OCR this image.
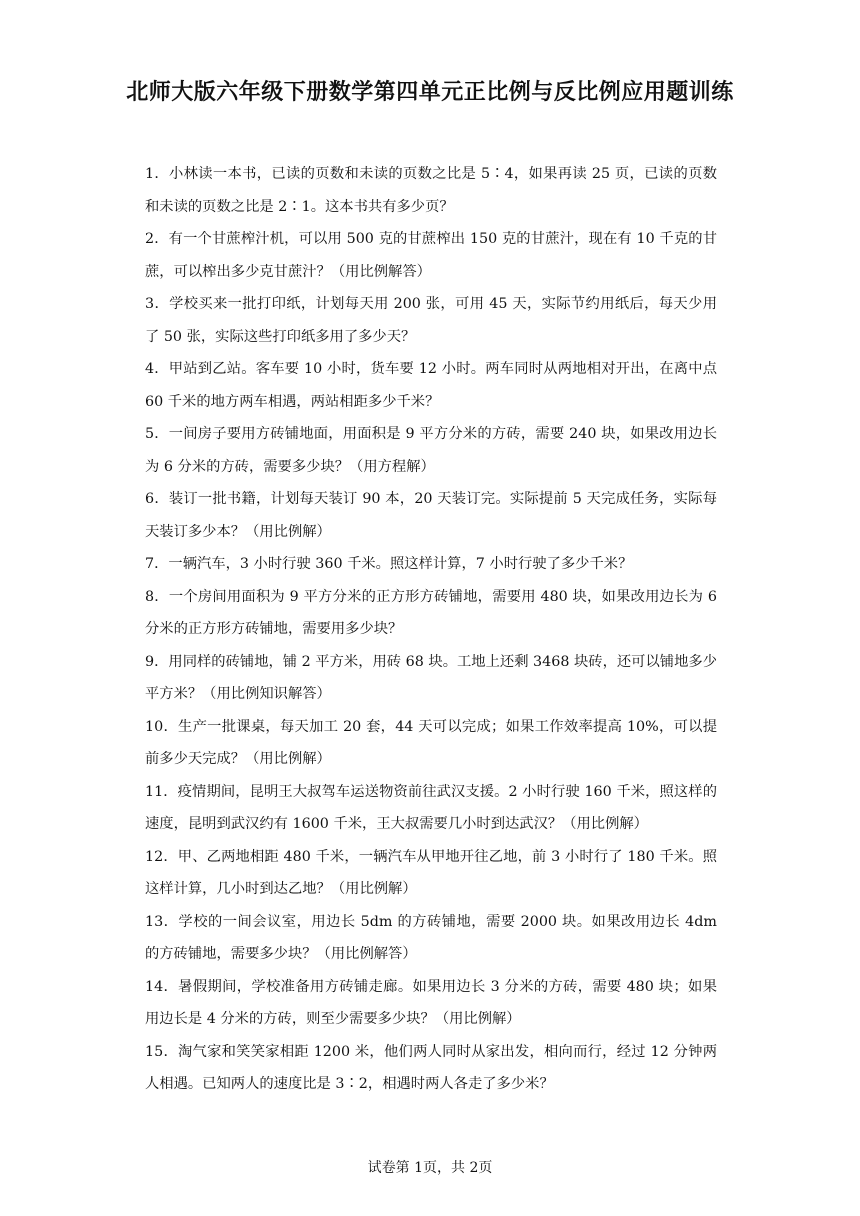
北师大版六年级下册数学第四单元正比例与反比例应用题训练
1．小林读一本书，已读的页数和未读的页数之比是 5∶4，如果再读 25 页，已读的页数和未读的页数之比是 2∶1。这本书共有多少页？
2．有一个甘蔗榨汁机，可以用 500 克的甘蔗榨出 150 克的甘蔗汁，现在有 10 千克的甘蔗，可以榨出多少克甘蔗汁？（用比例解答）
3．学校买来一批打印纸，计划每天用 200 张，可用 45 天，实际节约用纸后，每天少用了 50 张，实际这些打印纸多用了多少天？
4．甲站到乙站。客车要 10 小时，货车要 12 小时。两车同时从两地相对开出，在离中点 60 千米的地方两车相遇，两站相距多少千米？
5．一间房子要用方砖铺地面，用面积是 9 平方分米的方砖，需要 240 块，如果改用边长为 6 分米的方砖，需要多少块？（用方程解）
6．装订一批书籍，计划每天装订 90 本，20 天装订完。实际提前 5 天完成任务，实际每天装订多少本？（用比例解）
7．一辆汽车，3 小时行驶 360 千米。照这样计算，7 小时行驶了多少千米？
8．一个房间用面积为 9 平方分米的正方形方砖铺地，需要用 480 块，如果改用边长为 6 分米的正方形方砖铺地，需要用多少块？
9．用同样的砖铺地，铺 2 平方米，用砖 68 块。工地上还剩 3468 块砖，还可以铺地多少平方米？（用比例知识解答）
10．生产一批课桌，每天加工 20 套，44 天可以完成；如果工作效率提高 10%，可以提前多少天完成？（用比例解）
11．疫情期间，昆明王大叔驾车运送物资前往武汉支援。2 小时行驶 160 千米，照这样的速度，昆明到武汉约有 1600 千米，王大叔需要几小时到达武汉？（用比例解）
12．甲、乙两地相距 480 千米，一辆汽车从甲地开往乙地，前 3 小时行了 180 千米。照这样计算，几小时到达乙地？（用比例解）
13．学校的一间会议室，用边长 5dm 的方砖铺地，需要 2000 块。如果改用边长 4dm 的方砖铺地，需要多少块？（用比例解答）
14．暑假期间，学校准备用方砖铺走廊。如果用边长 3 分米的方砖，需要 480 块；如果用边长是 4 分米的方砖，则至少需要多少块？（用比例解）
15．淘气家和笑笑家相距 1200 米，他们两人同时从家出发，相向而行，经过 12 分钟两人相遇。已知两人的速度比是 3∶2，相遇时两人各走了多少米？
试卷第 1页，共 2页
